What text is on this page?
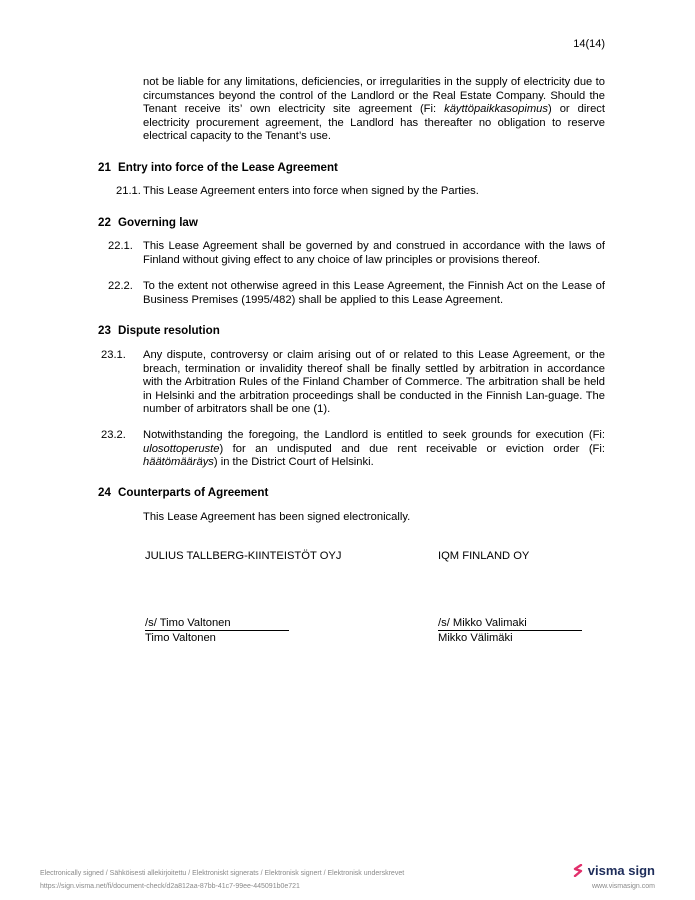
14(14)
not be liable for any limitations, deficiencies, or irregularities in the supply of electricity due to circumstances beyond the control of the Landlord or the Real Estate Company. Should the Tenant receive its’ own electricity site agreement (Fi: käyttöpaikkasopimus) or direct electricity procurement agreement, the Landlord has thereafter no obligation to reserve electrical capacity to the Tenant’s use.
21 Entry into force of the Lease Agreement
21.1. This Lease Agreement enters into force when signed by the Parties.
22 Governing law
22.1. This Lease Agreement shall be governed by and construed in accordance with the laws of Finland without giving effect to any choice of law principles or provisions thereof.
22.2. To the extent not otherwise agreed in this Lease Agreement, the Finnish Act on the Lease of Business Premises (1995/482) shall be applied to this Lease Agreement.
23 Dispute resolution
23.1. Any dispute, controversy or claim arising out of or related to this Lease Agreement, or the breach, termination or invalidity thereof shall be finally settled by arbitration in accordance with the Arbitration Rules of the Finland Chamber of Commerce. The arbitration shall be held in Helsinki and the arbitration proceedings shall be conducted in the Finnish Lan-guage. The number of arbitrators shall be one (1).
23.2. Notwithstanding the foregoing, the Landlord is entitled to seek grounds for execution (Fi: ulosottoperuste) for an undisputed and due rent receivable or eviction order (Fi: häätömääräys) in the District Court of Helsinki.
24 Counterparts of Agreement
This Lease Agreement has been signed electronically.
JULIUS TALLBERG-KIINTEISTÖT OYJ	IQM FINLAND OY
/s/ Timo Valtonen	/s/ Mikko Valimaki
Timo Valtonen	Mikko Välimäki
Electronically signed / Sähköisesti allekirjoitettu / Elektroniskt signerats / Elektronisk signert / Elektronisk underskrevet
https://sign.visma.net/fi/document-check/d2a812aa-87bb-41c7-99ee-445091b0e721
visma sign
www.vismasign.com
